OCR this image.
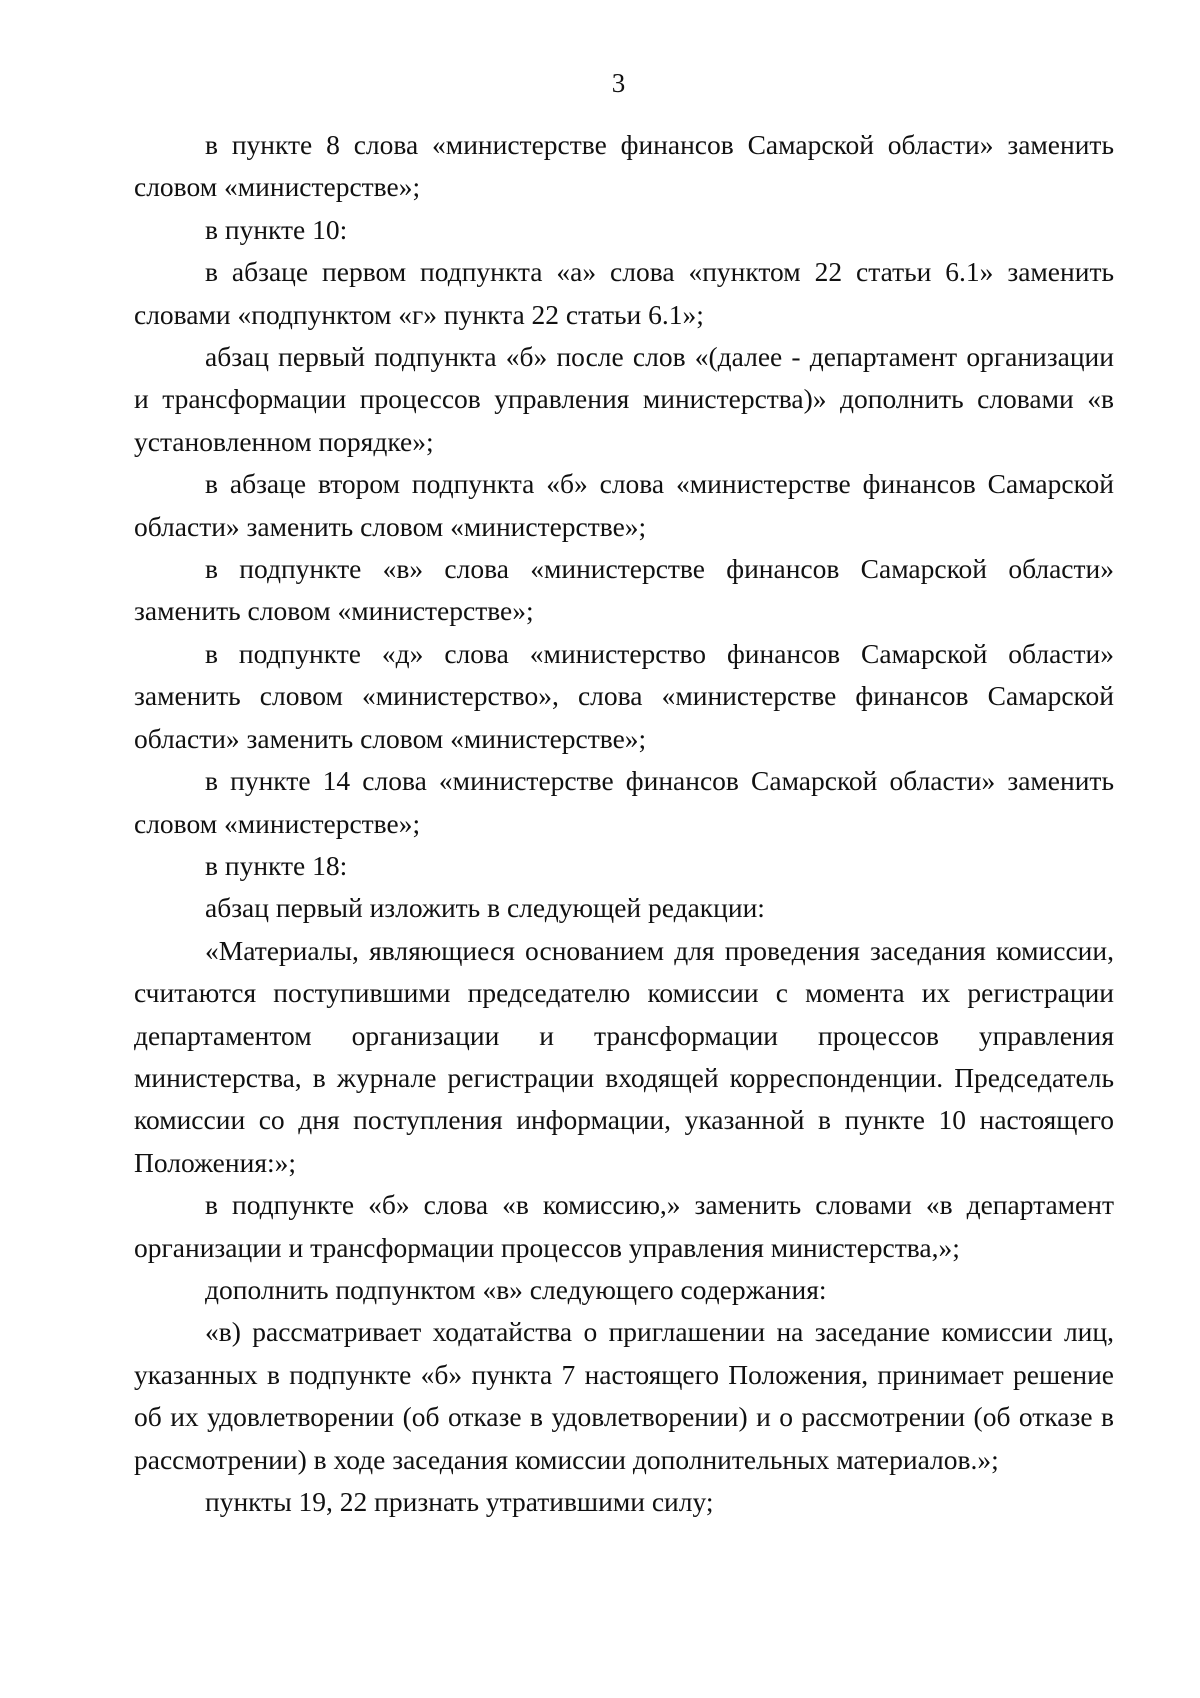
3

в пункте 8 слова «министерстве финансов Самарской области» заменить словом «министерстве»;

в пункте 10:

в абзаце первом подпункта «а» слова «пунктом 22 статьи 6.1» заменить словами «подпунктом «г» пункта 22 статьи 6.1»;

абзац первый подпункта «б» после слов «(далее - департамент организации и трансформации процессов управления министерства)» дополнить словами «в установленном порядке»;

в абзаце втором подпункта «б» слова «министерстве финансов Самарской области» заменить словом «министерстве»;

в подпункте «в» слова «министерстве финансов Самарской области» заменить словом «министерстве»;

в подпункте «д» слова «министерство финансов Самарской области» заменить словом «министерство», слова «министерстве финансов Самарской области» заменить словом «министерстве»;

в пункте 14 слова «министерстве финансов Самарской области» заменить словом «министерстве»;

в пункте 18:

абзац первый изложить в следующей редакции:

«Материалы, являющиеся основанием для проведения заседания комиссии, считаются поступившими председателю комиссии с момента их регистрации департаментом организации и трансформации процессов управления министерства, в журнале регистрации входящей корреспонденции. Председатель комиссии со дня поступления информации, указанной в пункте 10 настоящего Положения:»;

в подпункте «б» слова «в комиссию,» заменить словами «в департамент организации и трансформации процессов управления министерства,»;

дополнить подпунктом «в» следующего содержания:

«в) рассматривает ходатайства о приглашении на заседание комиссии лиц, указанных в подпункте «б» пункта 7 настоящего Положения, принимает решение об их удовлетворении (об отказе в удовлетворении) и о рассмотрении (об отказе в рассмотрении) в ходе заседания комиссии дополнительных материалов.»;

пункты 19, 22 признать утратившими силу;
